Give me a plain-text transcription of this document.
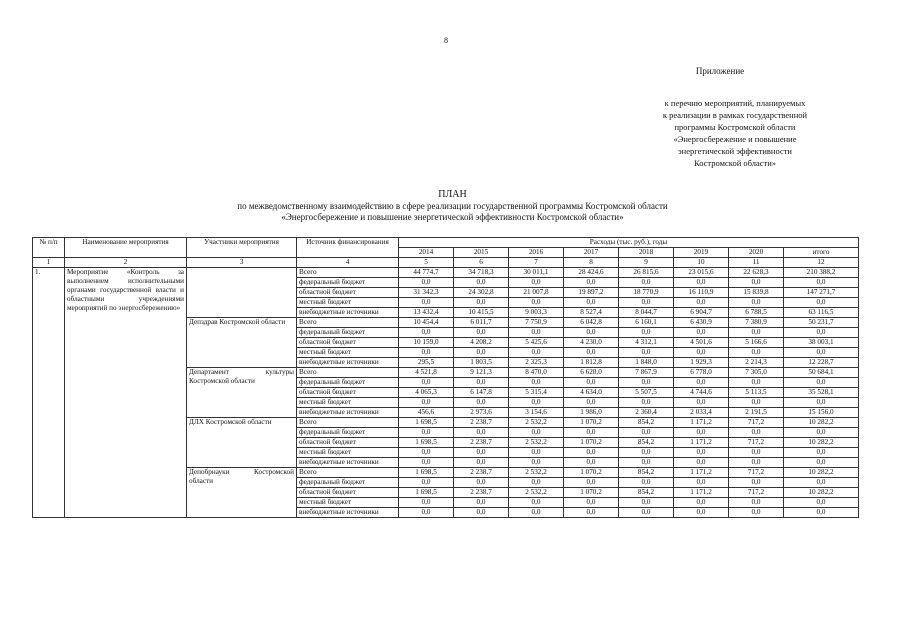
8
Приложение
к перечню мероприятий, планируемых
к реализации в рамках государственной
программы Костромской области
«Энергосбережение и повышение
энергетической эффективности
Костромской области»
ПЛАН
по межведомственному взаимодействию в сфере реализации государственной программы Костромской области
«Энергосбережение и повышение энергетической эффективности Костромской области»
№ п/п	Наименование мероприятия	Участники мероприятия	Источник финансирования	Расходы (тыс. руб.), годы							
				2014	2015	2016	2017	2018	2019	2020	итого
1	2	3	4	5	6	7	8	9	10	11	12
1.	Мероприятие «Контроль за выполнением исполнительными органами государственной власти и областными учреждениями мероприятий по энергосбережению»		Всего	44 774,7	34 718,3	30 011,1	28 424,6	26 815,6	23 015,6	22 628,3	210 388,2
			федеральный бюджет	0,0	0,0	0,0	0,0	0,0	0,0	0,0	0,0
			областной бюджет	31 342,3	24 302,8	21 007,8	19 897,2	18 770,9	16 110,9	15 839,8	147 271,7
			местный бюджет	0,0	0,0	0,0	0,0	0,0	0,0	0,0	0,0
			внебюджетные источники	13 432,4	10 415,5	9 003,3	8 527,4	8 044,7	6 904,7	6 788,5	63 116,5
		Депздрав Костромской области	Всего	10 454,4	6 011,7	7 750,9	6 042,8	6 160,1	6 430,9	7 380,9	50 231,7
			федеральный бюджет	0,0	0,0	0,0	0,0	0,0	0,0	0,0	0,0
			областной бюджет	10 159,0	4 208,2	5 425,6	4 230,0	4 312,1	4 501,6	5 166,6	38 003,1
			местный бюджет	0,0	0,0	0,0	0,0	0,0	0,0	0,0	0,0
			внебюджетные источники	295,5	1 803,5	2 325,3	1 812,8	1 848,0	1 929,3	2 214,3	12 228,7
		Департамент культуры Костромской области	Всего	4 521,8	9 121,3	8 470,0	6 620,0	7 867,9	6 778,0	7 305,0	50 684,1
			федеральный бюджет	0,0	0,0	0,0	0,0	0,0	0,0	0,0	0,0
			областной бюджет	4 065,3	6 147,8	5 315,4	4 634,0	5 507,5	4 744,6	5 113,5	35 528,1
			местный бюджет	0,0	0,0	0,0	0,0	0,0	0,0	0,0	0,0
			внебюджетные источники	456,6	2 973,6	3 154,6	1 986,0	2 360,4	2 033,4	2 191,5	15 156,0
		ДЛХ Костромской области	Всего	1 698,5	2 238,7	2 532,2	1 070,2	854,2	1 171,2	717,2	10 282,2
			федеральный бюджет	0,0	0,0	0,0	0,0	0,0	0,0	0,0	0,0
			областной бюджет	1 698,5	2 238,7	2 532,2	1 070,2	854,2	1 171,2	717,2	10 282,2
			местный бюджет	0,0	0,0	0,0	0,0	0,0	0,0	0,0	0,0
			внебюджетные источники	0,0	0,0	0,0	0,0	0,0	0,0	0,0	0,0
		Депобрнауки Костромской области	Всего	1 698,5	2 238,7	2 532,2	1 070,2	854,2	1 171,2	717,2	10 282,2
			федеральный бюджет	0,0	0,0	0,0	0,0	0,0	0,0	0,0	0,0
			областной бюджет	1 698,5	2 238,7	2 532,2	1 070,2	854,2	1 171,2	717,2	10 282,2
			местный бюджет	0,0	0,0	0,0	0,0	0,0	0,0	0,0	0,0
			внебюджетные источники	0,0	0,0	0,0	0,0	0,0	0,0	0,0	0,0
